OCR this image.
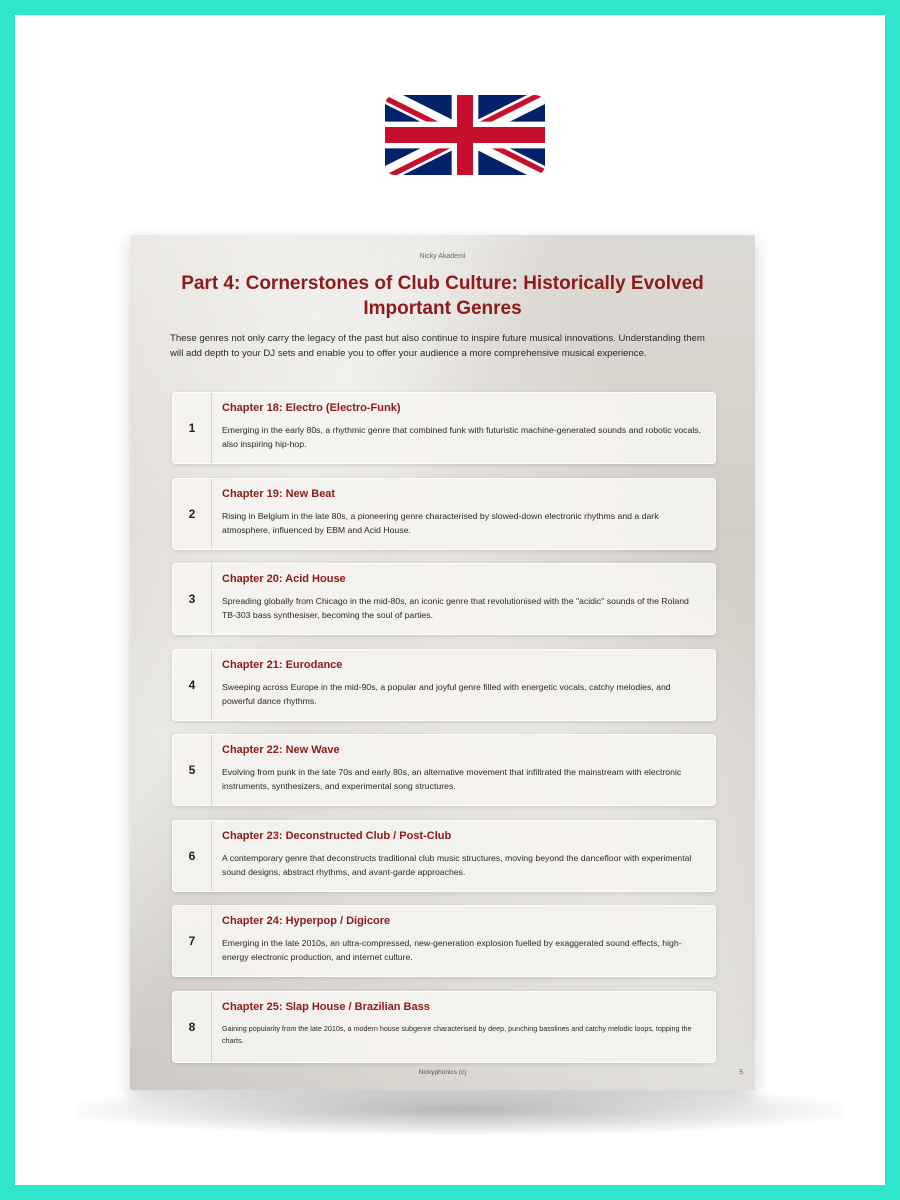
Nicky Akademi
Part 4: Cornerstones of Club Culture: Historically Evolved Important Genres
These genres not only carry the legacy of the past but also continue to inspire future musical innovations. Understanding them will add depth to your DJ sets and enable you to offer your audience a more comprehensive musical experience.
1
Chapter 18: Electro (Electro-Funk)
Emerging in the early 80s, a rhythmic genre that combined funk with futuristic machine-generated sounds and robotic vocals, also inspiring hip-hop.
2
Chapter 19: New Beat
Rising in Belgium in the late 80s, a pioneering genre characterised by slowed-down electronic rhythms and a dark atmosphere, influenced by EBM and Acid House.
3
Chapter 20: Acid House
Spreading globally from Chicago in the mid-80s, an iconic genre that revolutionised with the "acidic" sounds of the Roland TB-303 bass synthesiser, becoming the soul of parties.
4
Chapter 21: Eurodance
Sweeping across Europe in the mid-90s, a popular and joyful genre filled with energetic vocals, catchy melodies, and powerful dance rhythms.
5
Chapter 22: New Wave
Evolving from punk in the late 70s and early 80s, an alternative movement that infiltrated the mainstream with electronic instruments, synthesizers, and experimental song structures.
6
Chapter 23: Deconstructed Club / Post-Club
A contemporary genre that deconstructs traditional club music structures, moving beyond the dancefloor with experimental sound designs, abstract rhythms, and avant-garde approaches.
7
Chapter 24: Hyperpop / Digicore
Emerging in the late 2010s, an ultra-compressed, new-generation explosion fuelled by exaggerated sound effects, high-energy electronic production, and internet culture.
8
Chapter 25: Slap House / Brazilian Bass
Gaining popularity from the late 2010s, a modern house subgenre characterised by deep, punching basslines and catchy melodic loops, topping the charts.
Nickyphonics (c)	5
